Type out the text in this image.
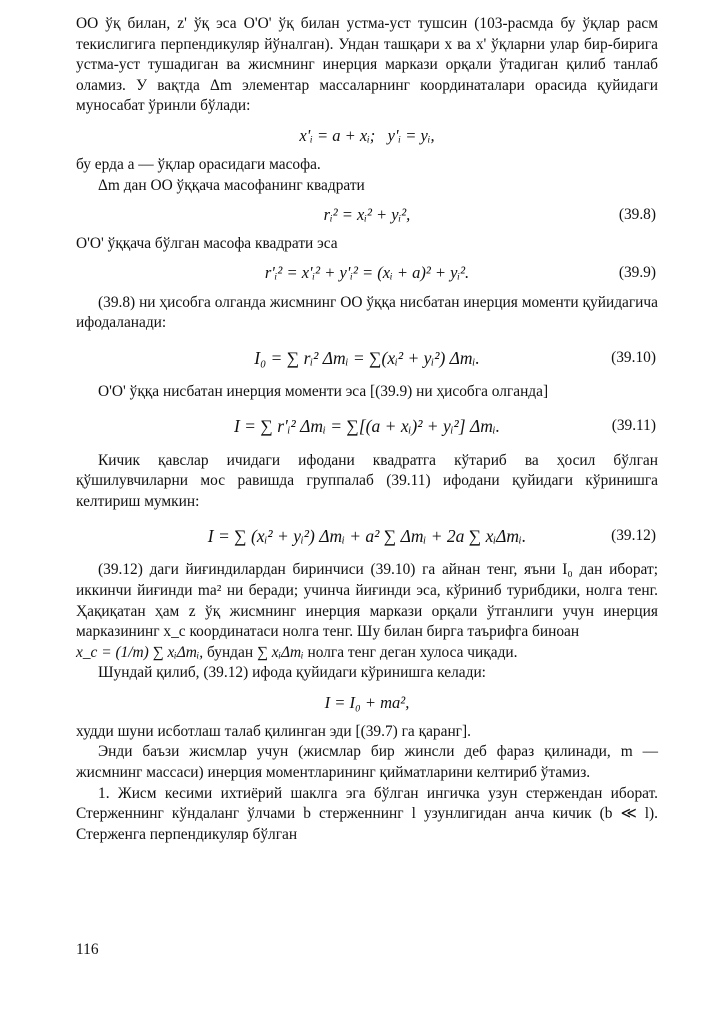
OO ўқ билан, z' ўқ эса O'O' ўқ билан устма-уст тушсин (103-расмда бу ўқлар расм текислигига перпендикуляр йўналган). Ундан ташқари x ва x' ўқларни улар бир-бирига устма-уст тушадиган ва жисмнинг инерция маркази орқали ўтадиган қилиб танлаб оламиз. У вақтда Δm элементар массаларнинг координаталари орасида қуйидаги муносабат ўринли бўлади:

x'ᵢ = a + xᵢ;   y'ᵢ = yᵢ,

бу ерда a — ўқлар орасидаги масофа.

Δm дан OO ўққача масофанинг квадрати

rᵢ² = xᵢ² + yᵢ²,	(39.8)

O'O' ўққача бўлган масофа квадрати эса

r'ᵢ² = x'ᵢ² + y'ᵢ² = (xᵢ + a)² + yᵢ².	(39.9)

(39.8) ни ҳисобга олганда жисмнинг OO ўққа нисбатан инерция моменти қуйидагича ифодаланади:

I₀ = ∑ rᵢ² Δmᵢ = ∑(xᵢ² + yᵢ²) Δmᵢ.	(39.10)

O'O' ўққа нисбатан инерция моменти эса [(39.9) ни ҳисобга олганда]

I = ∑ r'ᵢ² Δmᵢ = ∑[(a + xᵢ)² + yᵢ²] Δmᵢ.	(39.11)

Кичик қавслар ичидаги ифодани квадратга кўтариб ва ҳосил бўлган қўшилувчиларни мос равишда группалаб (39.11) ифодани қуйидаги кўринишга келтириш мумкин:

I = ∑ (xᵢ² + yᵢ²) Δmᵢ + a² ∑ Δmᵢ + 2a ∑ xᵢΔmᵢ.	(39.12)

(39.12) даги йиғиндилардан биринчиси (39.10) га айнан тенг, яъни I₀ дан иборат; иккинчи йиғинди ma² ни беради; учинча йиғинди эса, кўриниб турибдики, нолга тенг. Ҳақиқатан ҳам z ўқ жисмнинг инерция маркази орқали ўтганлиги учун инерция марказининг x_c координатаси нолга тенг. Шу билан бирга таърифга биноан

x_c = (1/m) ∑ xᵢΔmᵢ, бундан ∑ xᵢΔmᵢ нолга тенг деган хулоса чиқади.

Шундай қилиб, (39.12) ифода қуйидаги кўринишга келади:

I = I₀ + ma²,

худди шуни исботлаш талаб қилинган эди [(39.7) га қаранг].

Энди баъзи жисмлар учун (жисмлар бир жинсли деб фараз қилинади, m — жисмнинг массаси) инерция моментларининг қийматларини келтириб ўтамиз.

1. Жисм кесими ихтиёрий шаклга эга бўлган ингичка узун стержендан иборат. Стерженнинг кўндаланг ўлчами b стерженнинг l узунлигидан анча кичик (b ≪ l). Стерженга перпендикуляр бўлган

116
